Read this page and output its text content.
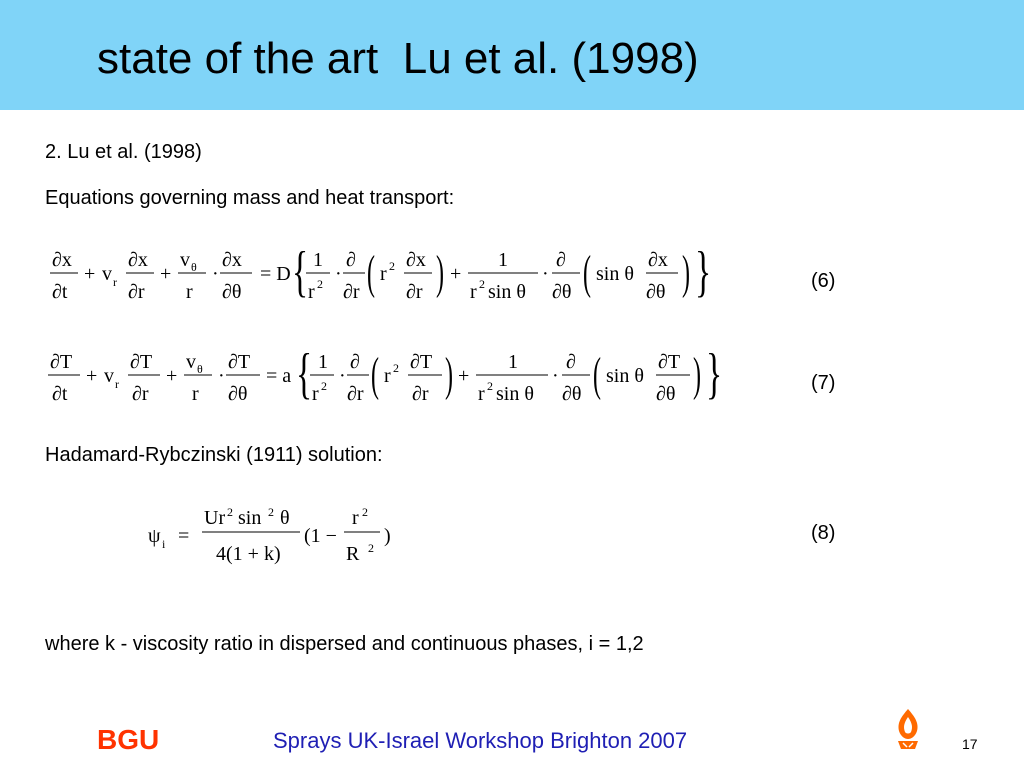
state of the art  Lu et al. (1998)
2. Lu et al. (1998)
Equations governing mass and heat transport:
∂x
∂t
+ v r
∂x
∂r
+
v θ
r
·
∂x
∂θ
= D { 1
r 2 ·
∂
∂r ( r 2 ∂x
∂r ) +
1
r 2 sin θ
·
∂
∂θ ( sin θ
∂x
∂θ ) }	(6)
∂T
∂t
+ v r
∂T
∂r
+
v θ
r
·
∂T
∂θ
= a { 1
r 2 ·
∂
∂r ( r 2 ∂T
∂r ) +
1
r 2 sin θ
·
∂
∂θ ( sin θ
∂T
∂θ ) }	(7)
Hadamard-Rybczinski (1911) solution:
ψ i =
Ur 2 sin 2 θ
4(1 + k)
(1 −
r 2
R 2
)	(8)
where k - viscosity ratio in dispersed and continuous phases, i = 1,2
BGU	Sprays UK-Israel Workshop Brighton 2007	17
